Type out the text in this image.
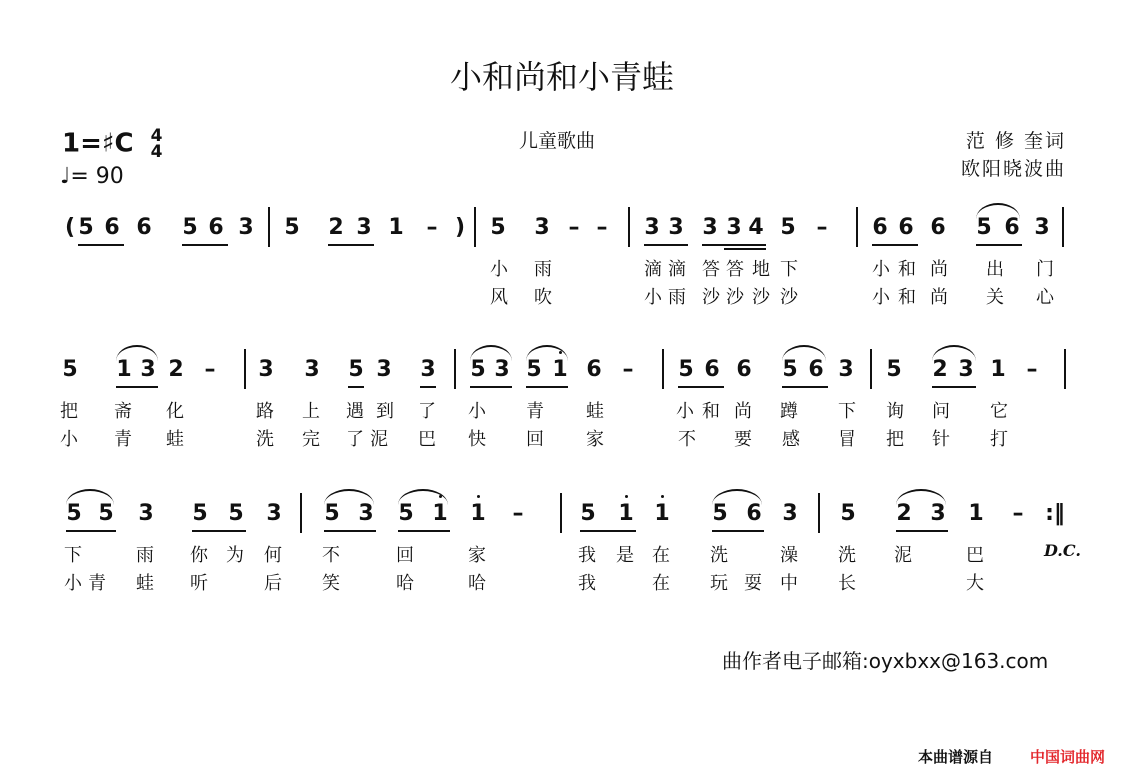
小和尚和小青蛙
儿童歌曲	范 修 奎词
欧阳晓波曲
1=♯C 4
4
♩= 90
( 5 6 6 5 6 3 5 2 3 1 – ) 5 3 – – 3 3 3 3 4 5 – 6 6 6 5 6 3
小 雨	滴 滴 答 答 地 下	小 和 尚 出 门
风 吹	小 雨 沙 沙 沙 沙	小 和 尚 关 心
5 1 3 2 – 3 3 5 3 3 5 3 5 1 6 – 5 6 6 5 6 3 5 2 3 1 –
把 斋 化	路 上 遇 到 了 小 青 蛙	小 和 尚 蹲 下 询 问 它
小 青 蛙	洗 完 了 泥 巴 快 回 家	不 要 感 冒 把 针 打
5 5 3 5 5 3 5 3 5 1 1 –	5 1 1 5 6 3 5 2 3 1 – :‖
下	雨 你 为 何 不	回	家	我 是 在 洗	澡 洗 泥	巴
小 青 蛙 听	后 笑	哈	哈	我	在 玩 耍 中 长	大
D.C.
曲作者电子邮箱:oyxbxx@163.com
本曲谱源自 中国词曲网
